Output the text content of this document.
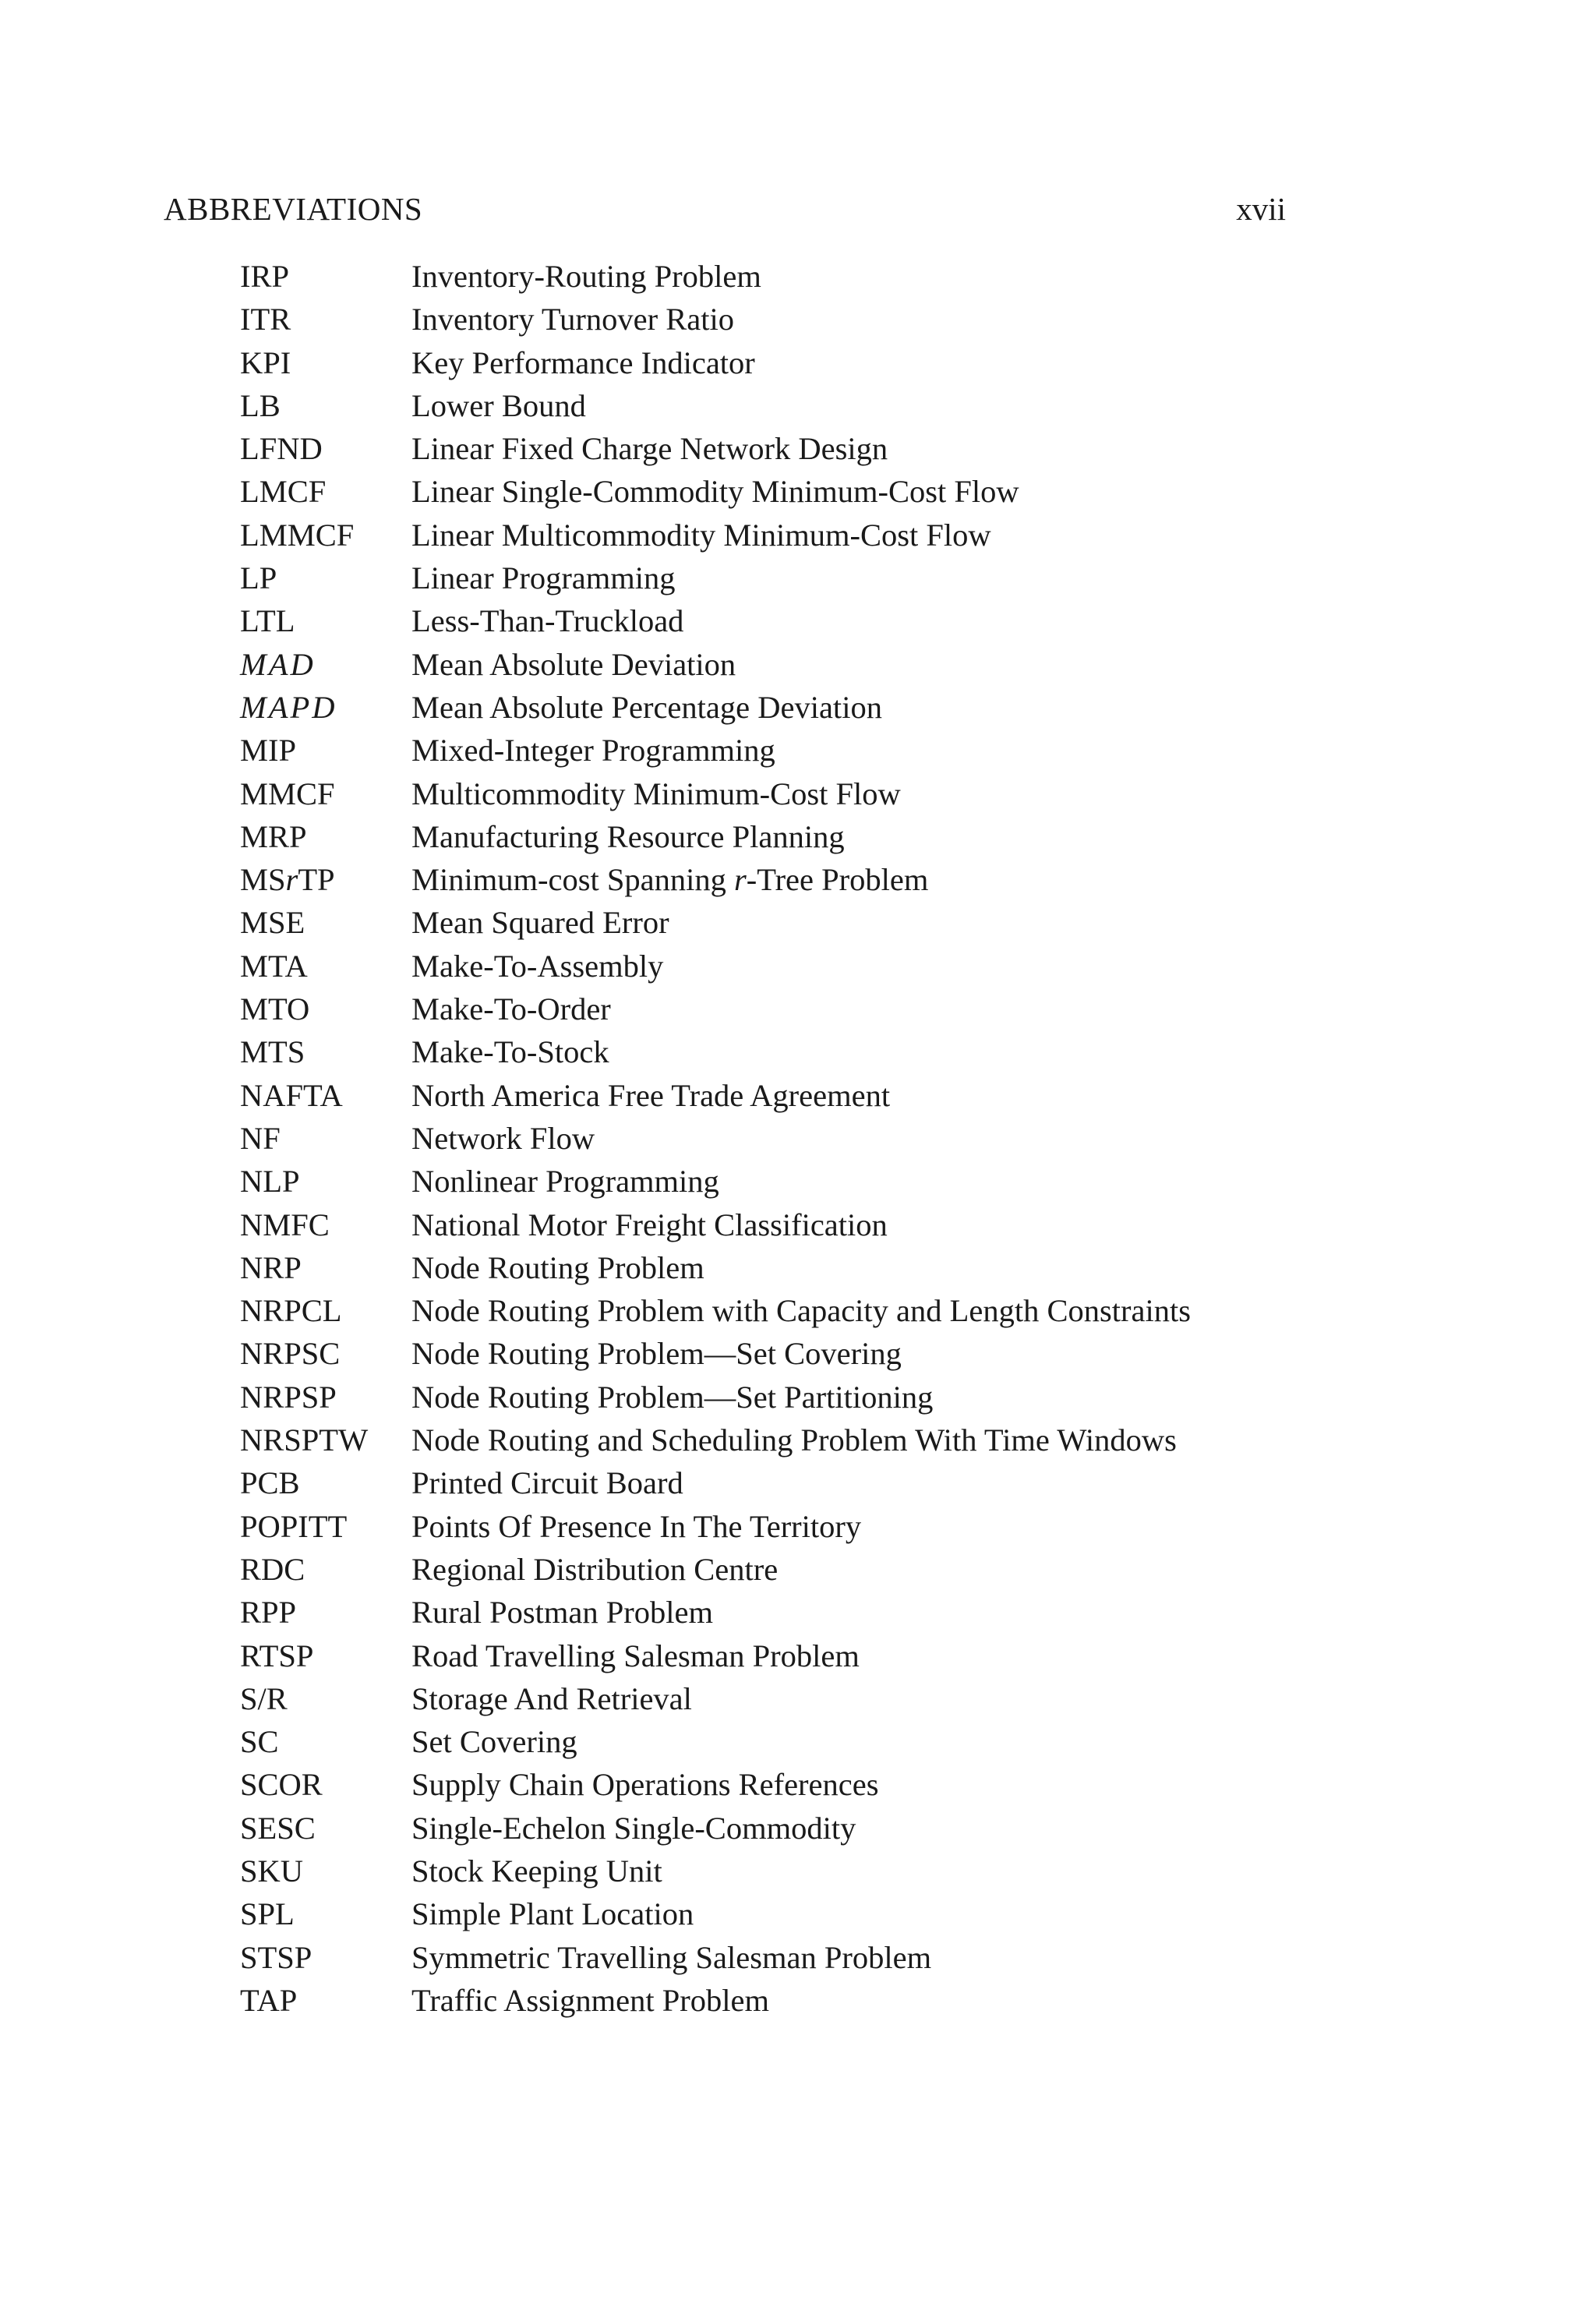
ABBREVIATIONS	xvii
IRP	Inventory-Routing Problem
ITR	Inventory Turnover Ratio
KPI	Key Performance Indicator
LB	Lower Bound
LFND	Linear Fixed Charge Network Design
LMCF	Linear Single-Commodity Minimum-Cost Flow
LMMCF Linear Multicommodity Minimum-Cost Flow
LP	Linear Programming
LTL	Less-Than-Truckload
MAD	Mean Absolute Deviation
MAPD Mean Absolute Percentage Deviation
MIP	Mixed-Integer Programming
MMCF Multicommodity Minimum-Cost Flow
MRP	Manufacturing Resource Planning
MSrTP Minimum-cost Spanning r-Tree Problem
MSE	Mean Squared Error
MTA	Make-To-Assembly
MTO	Make-To-Order
MTS	Make-To-Stock
NAFTA North America Free Trade Agreement
NF	Network Flow
NLP	Nonlinear Programming
NMFC	National Motor Freight Classification
NRP	Node Routing Problem
NRPCL Node Routing Problem with Capacity and Length Constraints
NRPSC Node Routing Problem—Set Covering
NRPSP Node Routing Problem—Set Partitioning
NRSPTW Node Routing and Scheduling Problem With Time Windows
PCB	Printed Circuit Board
POPITT Points Of Presence In The Territory
RDC	Regional Distribution Centre
RPP	Rural Postman Problem
RTSP	Road Travelling Salesman Problem
S/R	Storage And Retrieval
SC	Set Covering
SCOR	Supply Chain Operations References
SESC	Single-Echelon Single-Commodity
SKU	Stock Keeping Unit
SPL	Simple Plant Location
STSP	Symmetric Travelling Salesman Problem
TAP	Traffic Assignment Problem
